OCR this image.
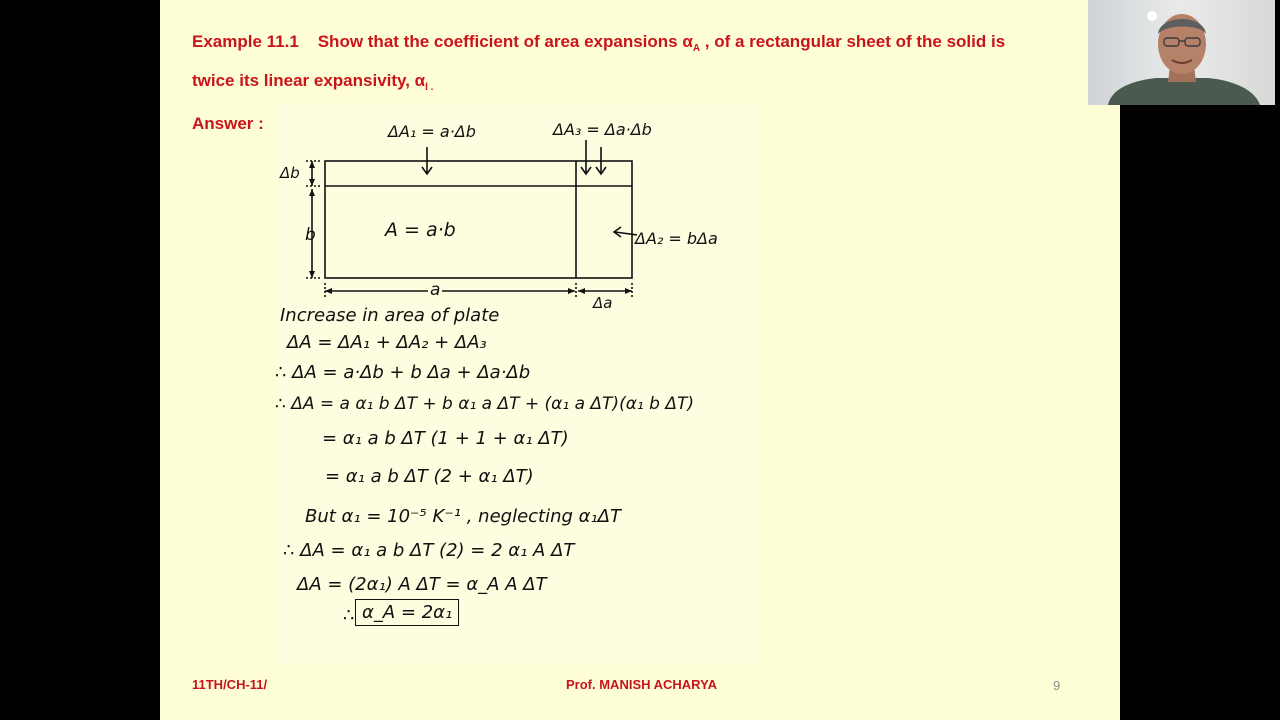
Example 11.1 Show that the coefficient of area expansions $\alpha_A$ , of a rectangular sheet of the solid is
twice its linear expansivity, $\alpha_{l .}$
Answer :	ΔA₁ = a·Δb	ΔA₃ = Δa·Δb
ΔA₂ = bΔa
A = a·b
Δb
b
a
Δa
Increase in area of plate
ΔA = ΔA₁ + ΔA₂ + ΔA₃
∴ ΔA = a·Δb + b Δa + Δa·Δb
∴ ΔA = a α₁ b ΔT + b α₁ a ΔT + (α₁ a ΔT)(α₁ b ΔT)
= α₁ a b ΔT (1 + 1 + α₁ ΔT)
= α₁ a b ΔT (2 + α₁ ΔT)
But α₁ = 10⁻⁵ K⁻¹ , neglecting α₁ΔT
∴ ΔA = α₁ a b ΔT (2) = 2 α₁ A ΔT
ΔA = (2α₁) A ΔT = α_A A ΔT
∴ α_A = 2α₁
11TH/CH-11/	Prof. MANISH ACHARYA	9
